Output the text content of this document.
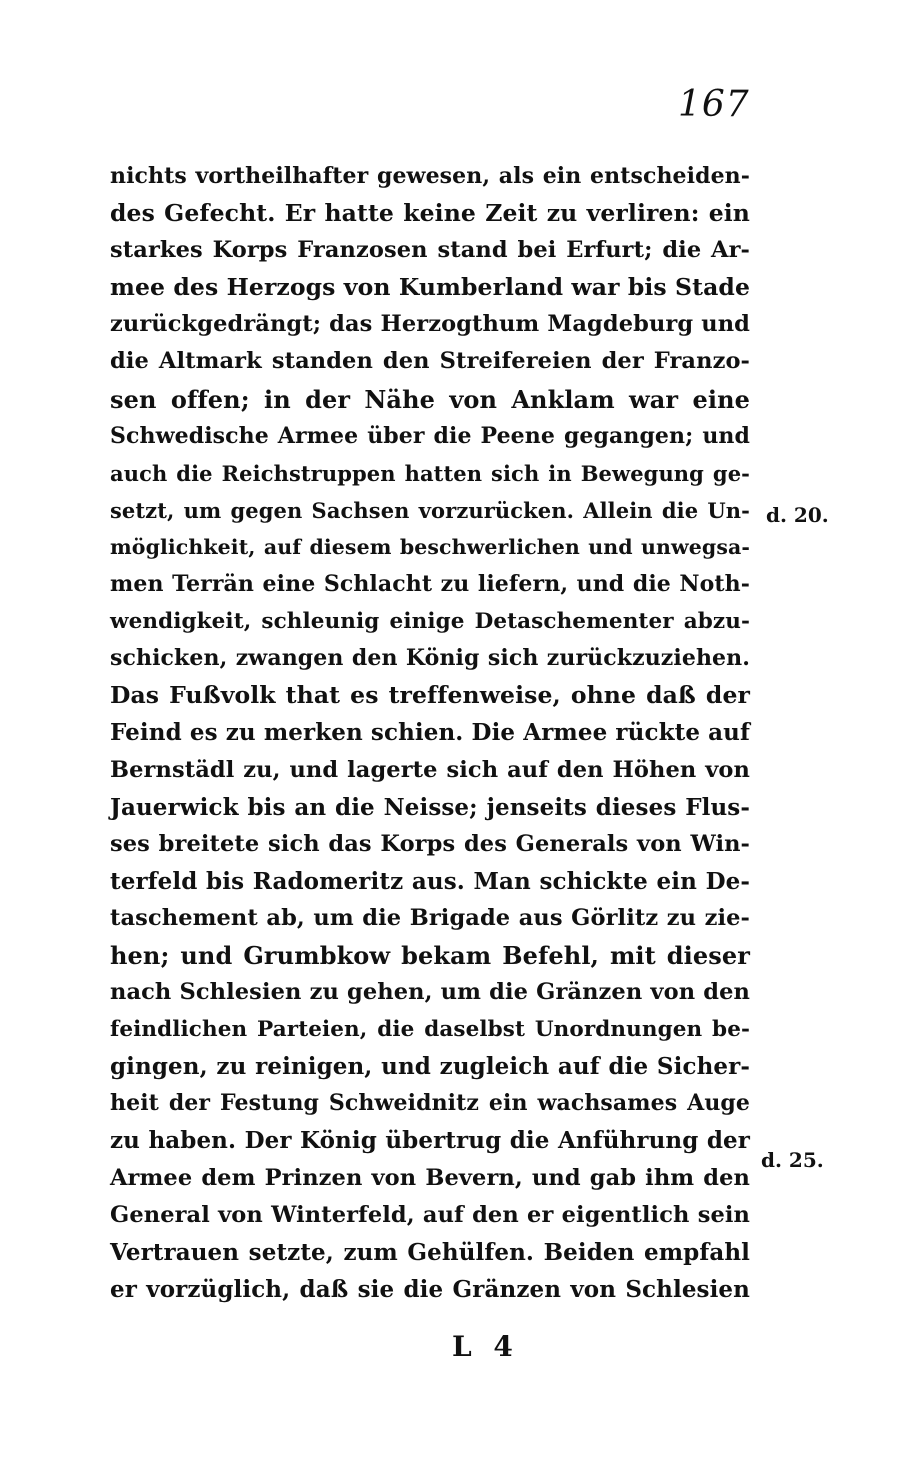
167
nichts vortheilhafter gewesen, als ein entscheiden-
des Gefecht. Er hatte keine Zeit zu verliren: ein
starkes Korps Franzosen stand bei Erfurt; die Ar-
mee des Herzogs von Kumberland war bis Stade
zurückgedrängt; das Herzogthum Magdeburg und
die Altmark standen den Streifereien der Franzo-
sen offen; in der Nähe von Anklam war eine
Schwedische Armee über die Peene gegangen; und
auch die Reichstruppen hatten sich in Bewegung ge-
setzt, um gegen Sachsen vorzurücken. Allein die Un-
möglichkeit, auf diesem beschwerlichen und unwegsa-
men Terrän eine Schlacht zu liefern, und die Noth-
wendigkeit, schleunig einige Detaschementer abzu-
schicken, zwangen den König sich zurückzuziehen.
Das Fußvolk that es treffenweise, ohne daß der
Feind es zu merken schien. Die Armee rückte auf
Bernstädl zu, und lagerte sich auf den Höhen von
Jauerwick bis an die Neisse; jenseits dieses Flus-
ses breitete sich das Korps des Generals von Win-
terfeld bis Radomeritz aus. Man schickte ein De-
taschement ab, um die Brigade aus Görlitz zu zie-
hen; und Grumbkow bekam Befehl, mit dieser
nach Schlesien zu gehen, um die Gränzen von den
feindlichen Parteien, die daselbst Unordnungen be-
gingen, zu reinigen, und zugleich auf die Sicher-
heit der Festung Schweidnitz ein wachsames Auge
zu haben. Der König übertrug die Anführung der
Armee dem Prinzen von Bevern, und gab ihm den
General von Winterfeld, auf den er eigentlich sein
Vertrauen setzte, zum Gehülfen. Beiden empfahl
er vorzüglich, daß sie die Gränzen von Schlesien
d. 20.
d. 25.
L 4
